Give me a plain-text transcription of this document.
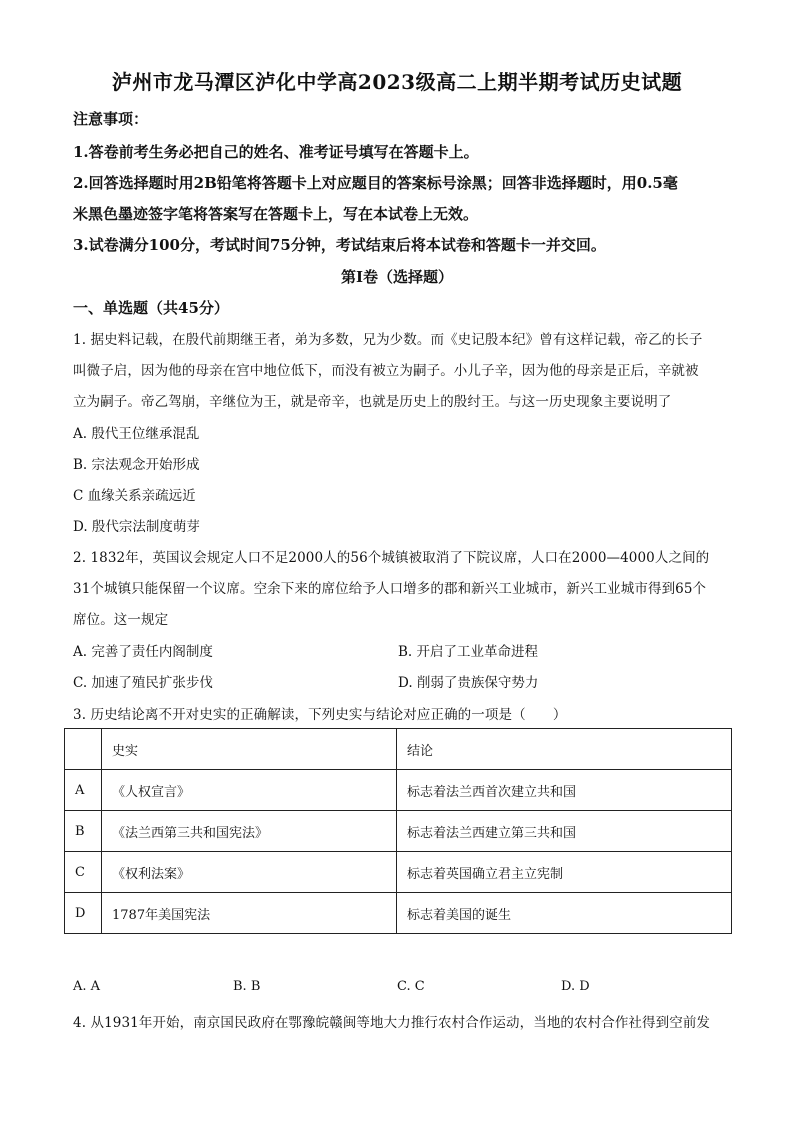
泸州市龙马潭区泸化中学高2023级高二上期半期考试历史试题
注意事项：
1.答卷前考生务必把自己的姓名、准考证号填写在答题卡上。
2.回答选择题时用2B铅笔将答题卡上对应题目的答案标号涂黑；回答非选择题时，用0.5毫
米黑色墨迹签字笔将答案写在答题卡上，写在本试卷上无效。
3.试卷满分100分，考试时间75分钟，考试结束后将本试卷和答题卡一并交回。
第Ⅰ卷（选择题）
一、单选题（共45分）
1. 据史料记载，在殷代前期继王者，弟为多数，兄为少数。而《史记殷本纪》曾有这样记载，帝乙的长子
叫微子启，因为他的母亲在宫中地位低下，而没有被立为嗣子。小儿子辛，因为他的母亲是正后，辛就被
立为嗣子。帝乙驾崩，辛继位为王，就是帝辛，也就是历史上的殷纣王。与这一历史现象主要说明了
A. 殷代王位继承混乱
B. 宗法观念开始形成
C 血缘关系亲疏远近
D. 殷代宗法制度萌芽
2. 1832年，英国议会规定人口不足2000人的56个城镇被取消了下院议席，人口在2000—4000人之间的
31个城镇只能保留一个议席。空余下来的席位给予人口增多的郡和新兴工业城市，新兴工业城市得到65个
席位。这一规定
A. 完善了责任内阁制度	B. 开启了工业革命进程
C. 加速了殖民扩张步伐	D. 削弱了贵族保守势力
3. 历史结论离不开对史实的正确解读，下列史实与结论对应正确的一项是（　　）
	史实	结论
A	《人权宣言》	标志着法兰西首次建立共和国
B	《法兰西第三共和国宪法》	标志着法兰西建立第三共和国
C	《权利法案》	标志着英国确立君主立宪制
D	1787年美国宪法	标志着美国的诞生
A. A	B. B	C. C	D. D
4. 从1931年开始，南京国民政府在鄂豫皖赣闽等地大力推行农村合作运动，当地的农村合作社得到空前发
